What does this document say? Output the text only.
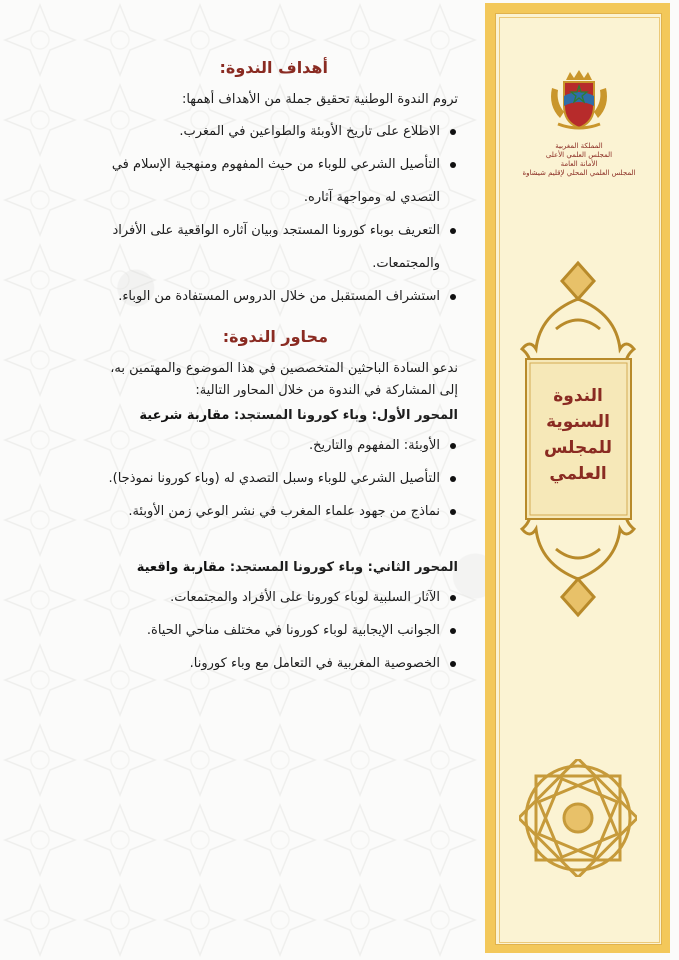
المملكة المغربية
المجلس العلمي الأعلى
الأمانة العامة
المجلس العلمي المحلي لإقليم شيشاوة
الندوة
السنوية
للمجلس
العلمي
أهداف الندوة:

تروم الندوة الوطنية تحقيق جملة من الأهداف أهمها:

الاطلاع على تاريخ الأوبئة والطواعين في المغرب.
التأصيل الشرعي للوباء من حيث المفهوم ومنهجية الإسلام في التصدي له ومواجهة آثاره.
التعريف بوباء كورونا المستجد وبيان آثاره الواقعية على الأفراد والمجتمعات.
استشراف المستقبل من خلال الدروس المستفادة من الوباء.
محاور الندوة:

ندعو السادة الباحثين المتخصصين في هذا الموضوع والمهتمين به، إلى المشاركة في الندوة من خلال المحاور التالية:

المحور الأول: وباء كورونا المستجد: مقاربة شرعية
الأوبئة: المفهوم والتاريخ.
التأصيل الشرعي للوباء وسبل التصدي له (وباء كورونا نموذجا).
نماذج من جهود علماء المغرب في نشر الوعي زمن الأوبئة.
المحور الثاني: وباء كورونا المستجد: مقاربة واقعية
الآثار السلبية لوباء كورونا على الأفراد والمجتمعات.
الجوانب الإيجابية لوباء كورونا في مختلف مناحي الحياة.
الخصوصية المغربية في التعامل مع وباء كورونا.
